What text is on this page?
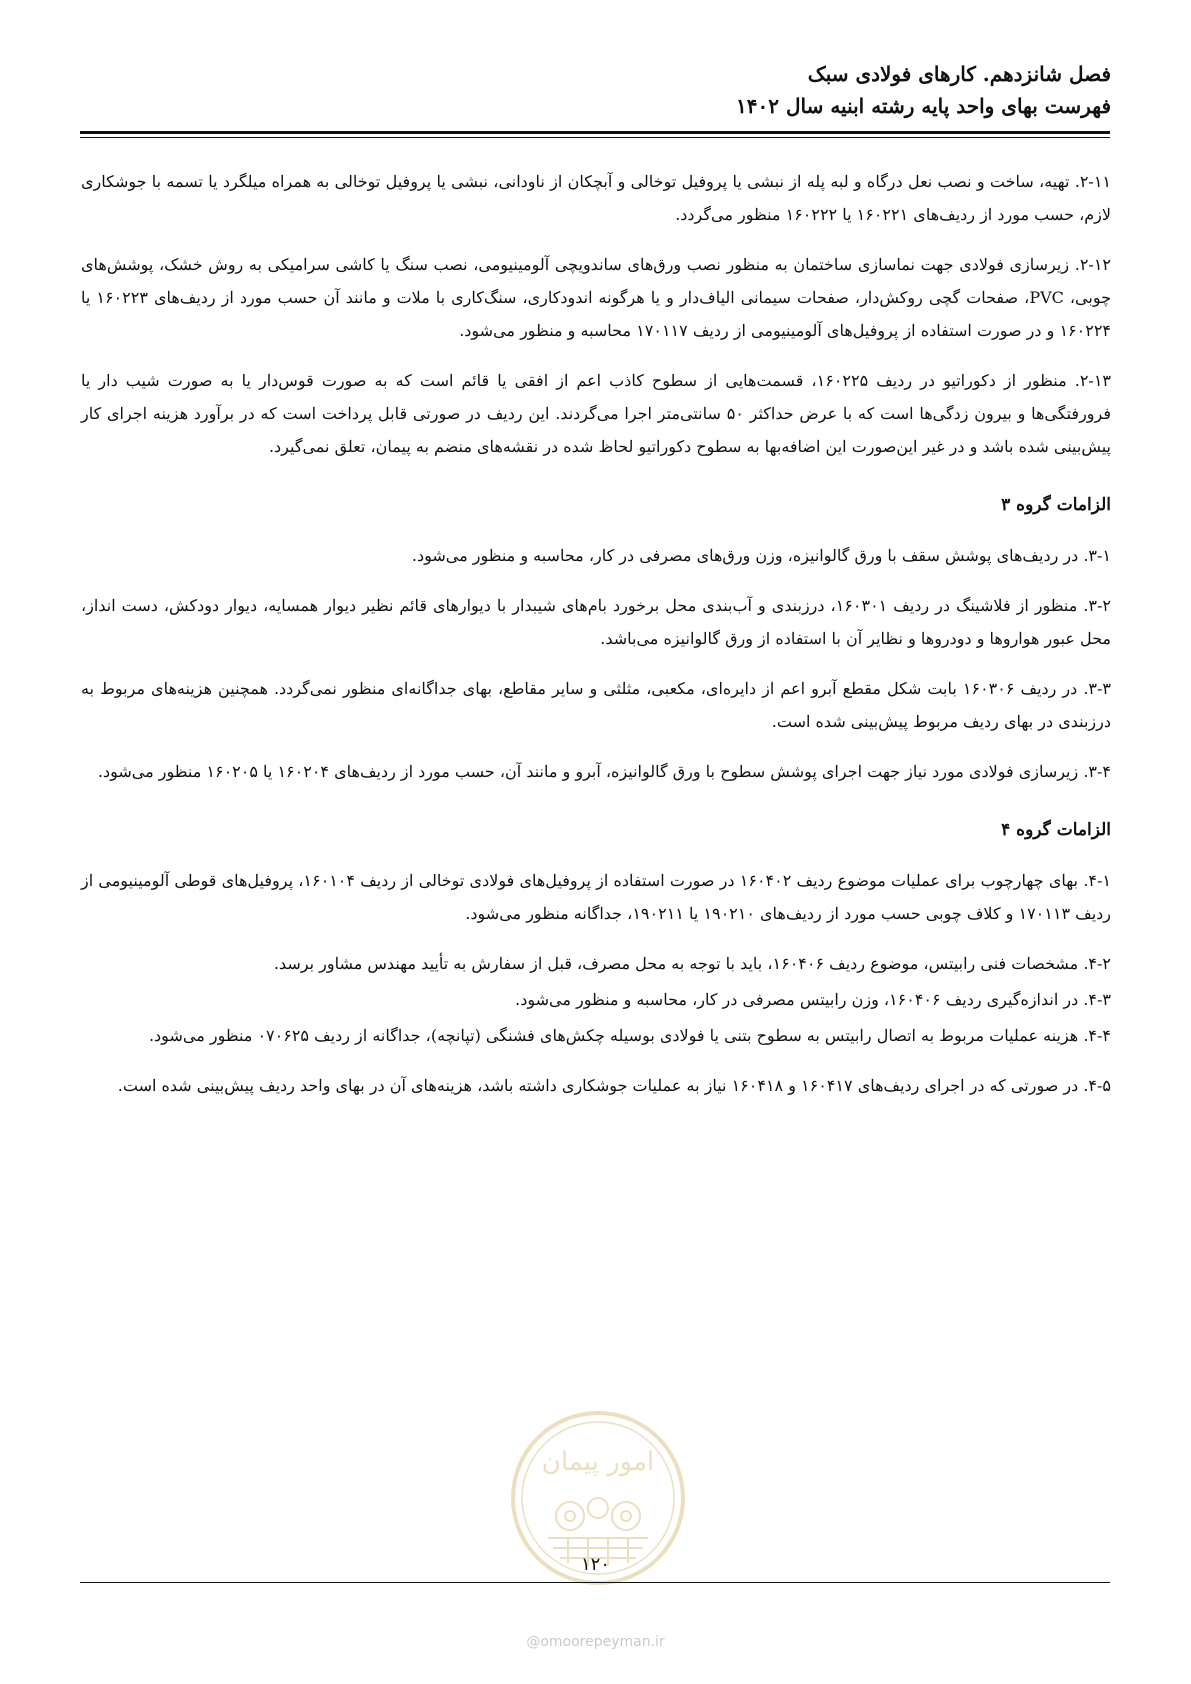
فصل شانزدهم. کارهای فولادی سبک
فهرست بهای واحد پایه رشته ابنیه سال ۱۴۰۲

۲-۱۱. تهیه، ساخت و نصب نعل درگاه و لبه پله از نبشی یا پروفیل توخالی و آبچکان از ناودانی، نبشی یا پروفیل توخالی به همراه میلگرد یا تسمه با جوشکاری لازم، حسب مورد از ردیف‌های ۱۶۰۲۲۱ یا ۱۶۰۲۲۲ منظور می‌گردد.

۲-۱۲. زیرسازی فولادی جهت نماسازی ساختمان به منظور نصب ورق‌های ساندویچی آلومینیومی، نصب سنگ یا کاشی سرامیکی به روش خشک، پوشش‌های چوبی، PVC، صفحات گچی روکش‌دار، صفحات سیمانی الیاف‌دار و یا هرگونه اندودکاری، سنگ‌کاری با ملات و مانند آن حسب مورد از ردیف‌های ۱۶۰۲۲۳ یا ۱۶۰۲۲۴ و در صورت استفاده از پروفیل‌های آلومینیومی از ردیف ۱۷۰۱۱۷ محاسبه و منظور می‌شود.

۲-۱۳. منظور از دکوراتیو در ردیف ۱۶۰۲۲۵، قسمت‌هایی از سطوح کاذب اعم از افقی یا قائم است که به صورت قوس‌دار یا به صورت شیب دار یا فرورفتگی‌ها و بیرون زدگی‌ها است که با عرض حداکثر ۵۰ سانتی‌متر اجرا می‌گردند. این ردیف در صورتی قابل پرداخت است که در برآورد هزینه اجرای کار پیش‌بینی شده باشد و در غیر این‌صورت این اضافه‌بها به سطوح دکوراتیو لحاظ شده در نقشه‌های منضم به پیمان، تعلق نمی‌گیرد.

الزامات گروه ۳

۳-۱. در ردیف‌های پوشش سقف با ورق گالوانیزه، وزن ورق‌های مصرفی در کار، محاسبه و منظور می‌شود.

۳-۲. منظور از فلاشینگ در ردیف ۱۶۰۳۰۱، درزبندی و آب‌بندی محل برخورد بام‌های شیبدار با دیوارهای قائم نظیر دیوار همسایه، دیوار دودکش، دست انداز، محل عبور هواروها و دودروها و نظایر آن با استفاده از ورق گالوانیزه می‌باشد.

۳-۳. در ردیف ۱۶۰۳۰۶ بابت شکل مقطع آبرو اعم از دایره‌ای، مکعبی، مثلثی و سایر مقاطع، بهای جداگانه‌ای منظور نمی‌گردد. همچنین هزینه‌های مربوط به درزبندی در بهای ردیف مربوط پیش‌بینی شده است.

۳-۴. زیرسازی فولادی مورد نیاز جهت اجرای پوشش سطوح با ورق گالوانیزه، آبرو و مانند آن، حسب مورد از ردیف‌های ۱۶۰۲۰۴ یا ۱۶۰۲۰۵ منظور می‌شود.

الزامات گروه ۴

۴-۱. بهای چهارچوب برای عملیات موضوع ردیف ۱۶۰۴۰۲ در صورت استفاده از پروفیل‌های فولادی توخالی از ردیف ۱۶۰۱۰۴، پروفیل‌های قوطی آلومینیومی از ردیف ۱۷۰۱۱۳ و کلاف چوبی حسب مورد از ردیف‌های ۱۹۰۲۱۰ یا ۱۹۰۲۱۱، جداگانه منظور می‌شود.

۴-۲. مشخصات فنی رابیتس، موضوع ردیف ۱۶۰۴۰۶، باید با توجه به محل مصرف، قبل از سفارش به تأیید مهندس مشاور برسد.

۴-۳. در اندازه‌گیری ردیف ۱۶۰۴۰۶، وزن رابیتس مصرفی در کار، محاسبه و منظور می‌شود.

۴-۴. هزینه عملیات مربوط به اتصال رابیتس به سطوح بتنی یا فولادی بوسیله چکش‌های فشنگی (تپانچه)، جداگانه از ردیف ۰۷۰۶۲۵ منظور می‌شود.

۴-۵. در صورتی که در اجرای ردیف‌های ۱۶۰۴۱۷ و ۱۶۰۴۱۸ نیاز به عملیات جوشکاری داشته باشد، هزینه‌های آن در بهای واحد ردیف پیش‌بینی شده است.

امور پیمان
۱۲۰
@omoorepeyman.ir
